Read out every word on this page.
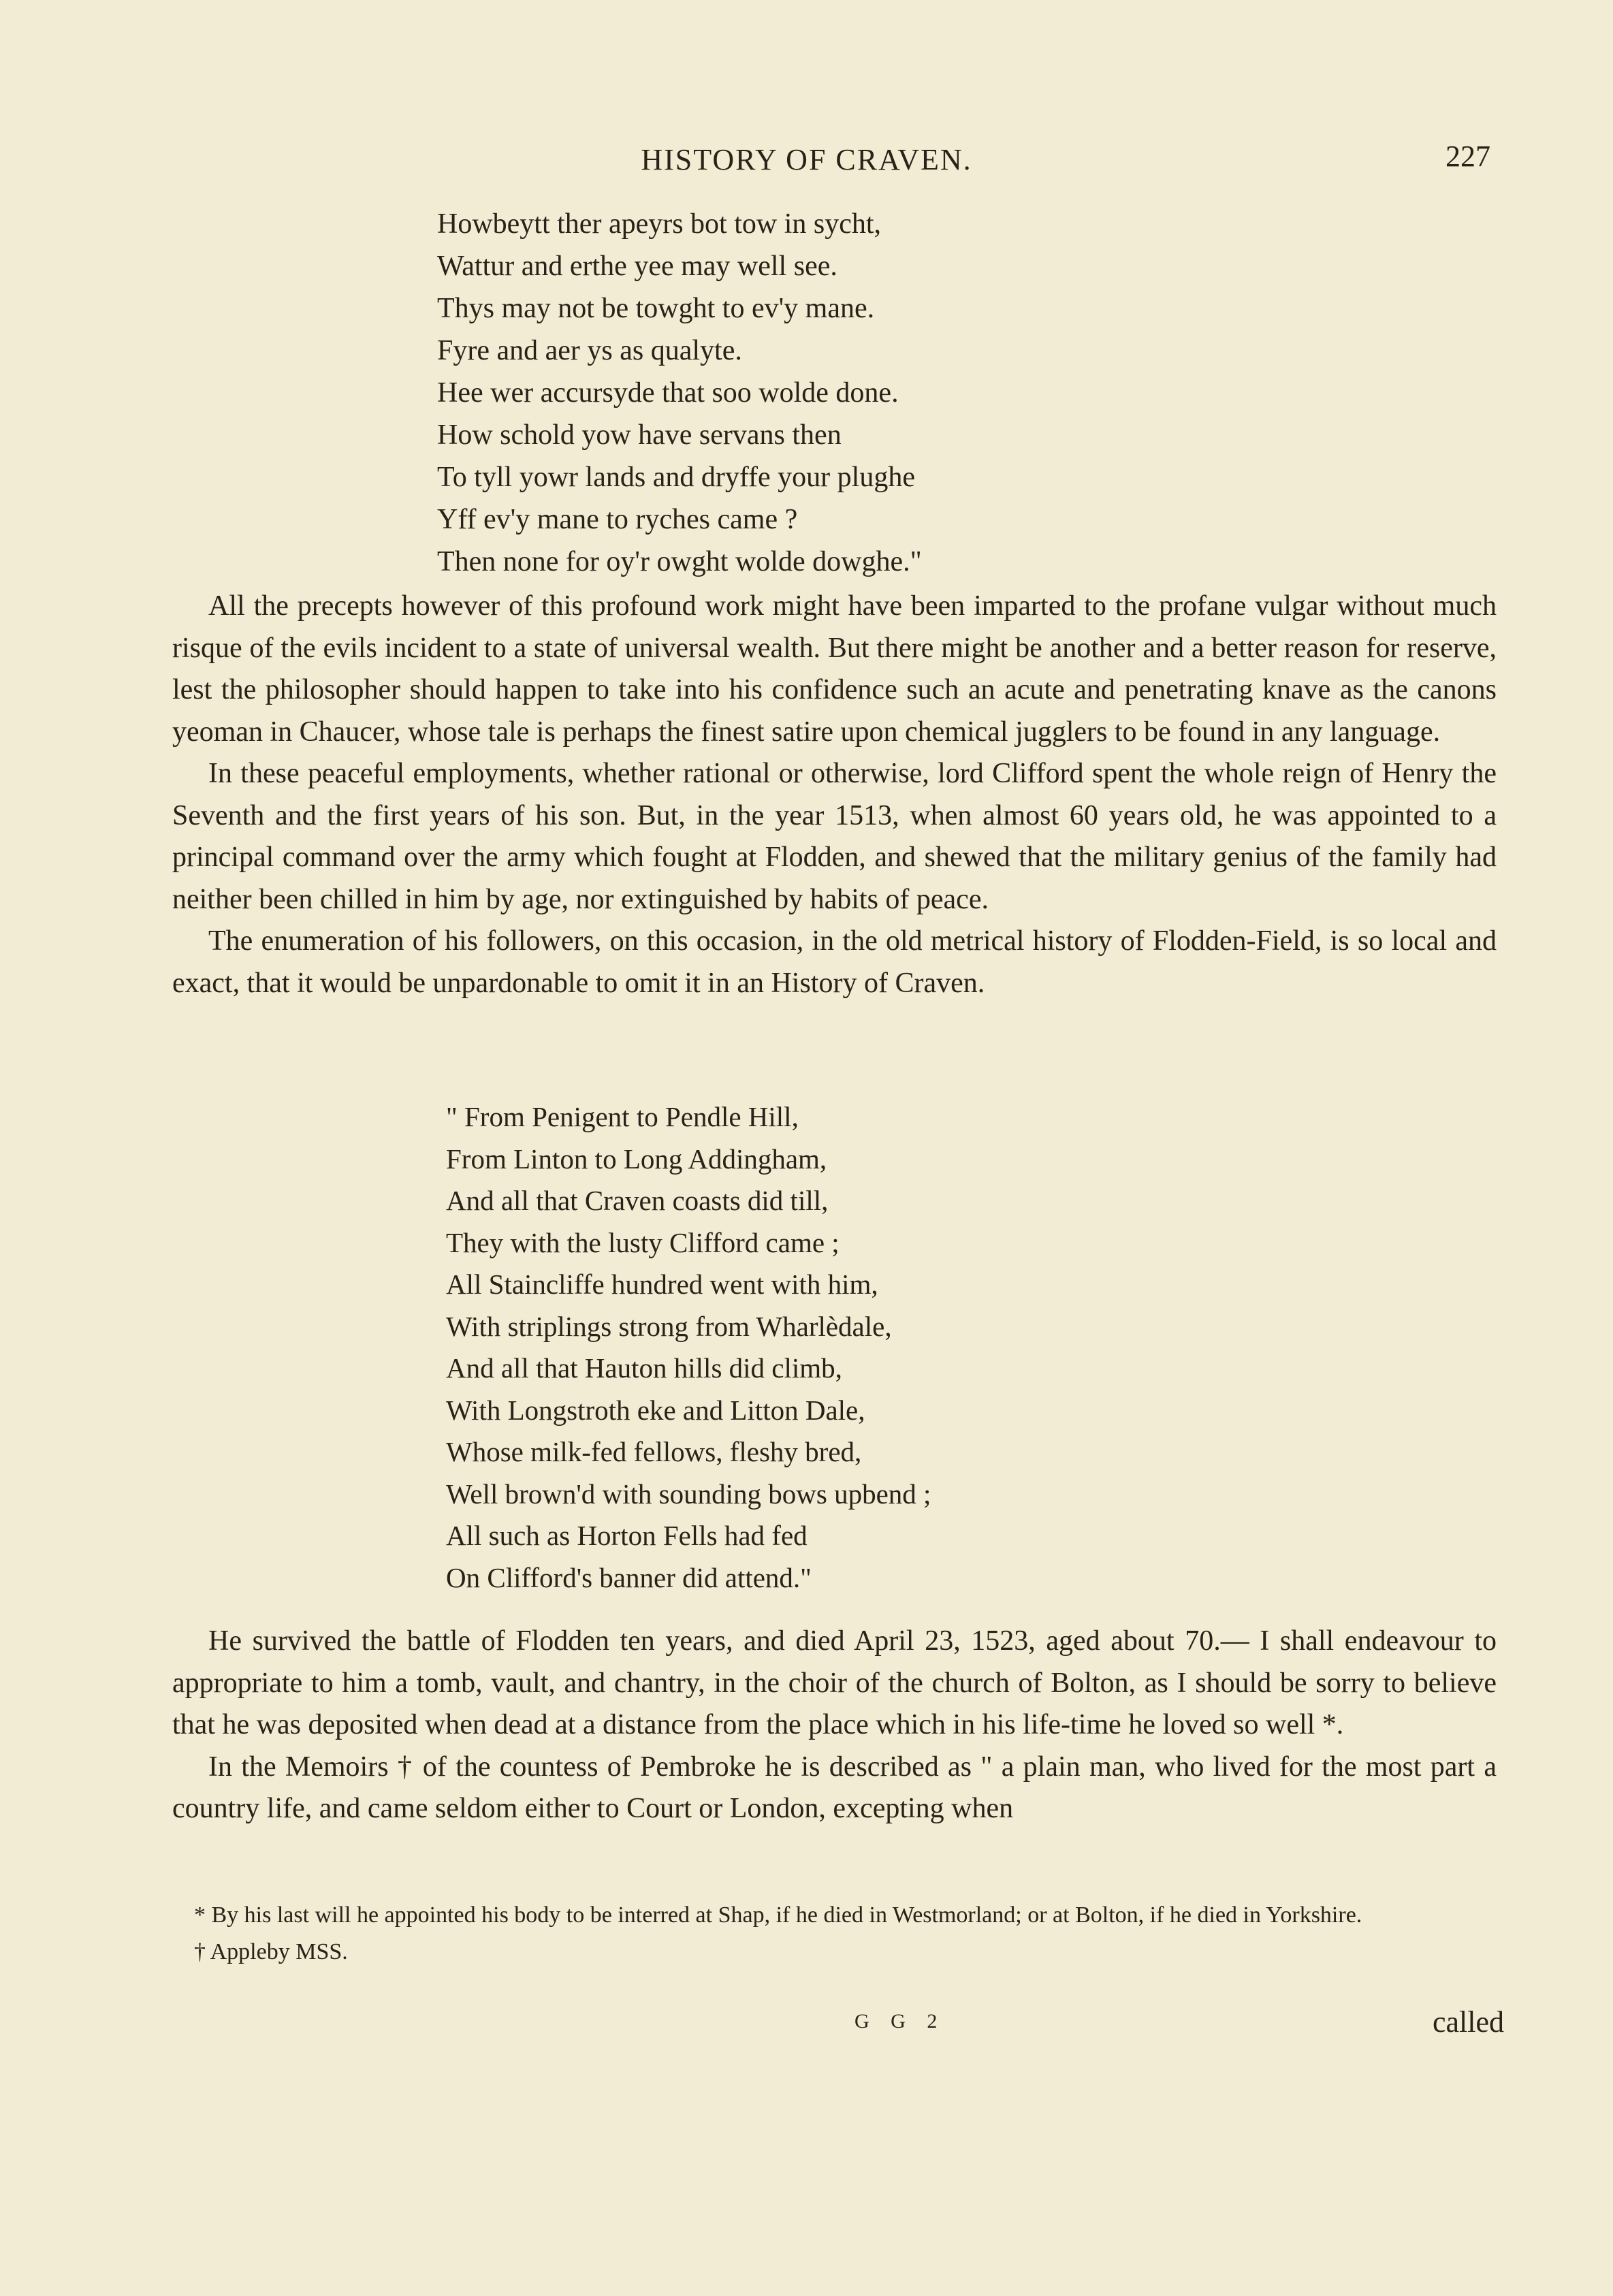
HISTORY OF CRAVEN.	227
Howbeytt ther apeyrs bot tow in sycht,
Wattur and erthe yee may well see.
Thys may not be towght to ev'y mane.
Fyre and aer ys as qualyte.
Hee wer accursyde that soo wolde done.
How schold yow have servans then
To tyll yowr lands and dryffe your plughe
Yff ev'y mane to ryches came ?
Then none for oy'r owght wolde dowghe."

All the precepts however of this profound work might have been imparted to the profane vulgar without much risque of the evils incident to a state of universal wealth. But there might be another and a better reason for reserve, lest the philosopher should happen to take into his confidence such an acute and penetrating knave as the canons yeoman in Chaucer, whose tale is perhaps the finest satire upon chemical jugglers to be found in any language.

In these peaceful employments, whether rational or otherwise, lord Clifford spent the whole reign of Henry the Seventh and the first years of his son. But, in the year 1513, when almost 60 years old, he was appointed to a principal command over the army which fought at Flodden, and shewed that the military genius of the family had neither been chilled in him by age, nor extinguished by habits of peace.

The enumeration of his followers, on this occasion, in the old metrical history of Flodden-Field, is so local and exact, that it would be unpardonable to omit it in an History of Craven.

" From Penigent to Pendle Hill,
From Linton to Long Addingham,
And all that Craven coasts did till,
They with the lusty Clifford came ;
All Staincliffe hundred went with him,
With striplings strong from Wharlèdale,
And all that Hauton hills did climb,
With Longstroth eke and Litton Dale,
Whose milk-fed fellows, fleshy bred,
Well brown'd with sounding bows upbend ;
All such as Horton Fells had fed
On Clifford's banner did attend."

He survived the battle of Flodden ten years, and died April 23, 1523, aged about 70.— I shall endeavour to appropriate to him a tomb, vault, and chantry, in the choir of the church of Bolton, as I should be sorry to believe that he was deposited when dead at a distance from the place which in his life-time he loved so well *.

In the Memoirs † of the countess of Pembroke he is described as " a plain man, who lived for the most part a country life, and came seldom either to Court or London, excepting when

* By his last will he appointed his body to be interred at Shap, if he died in Westmorland; or at Bolton, if he died in Yorkshire.

† Appleby MSS.

G G 2	called
